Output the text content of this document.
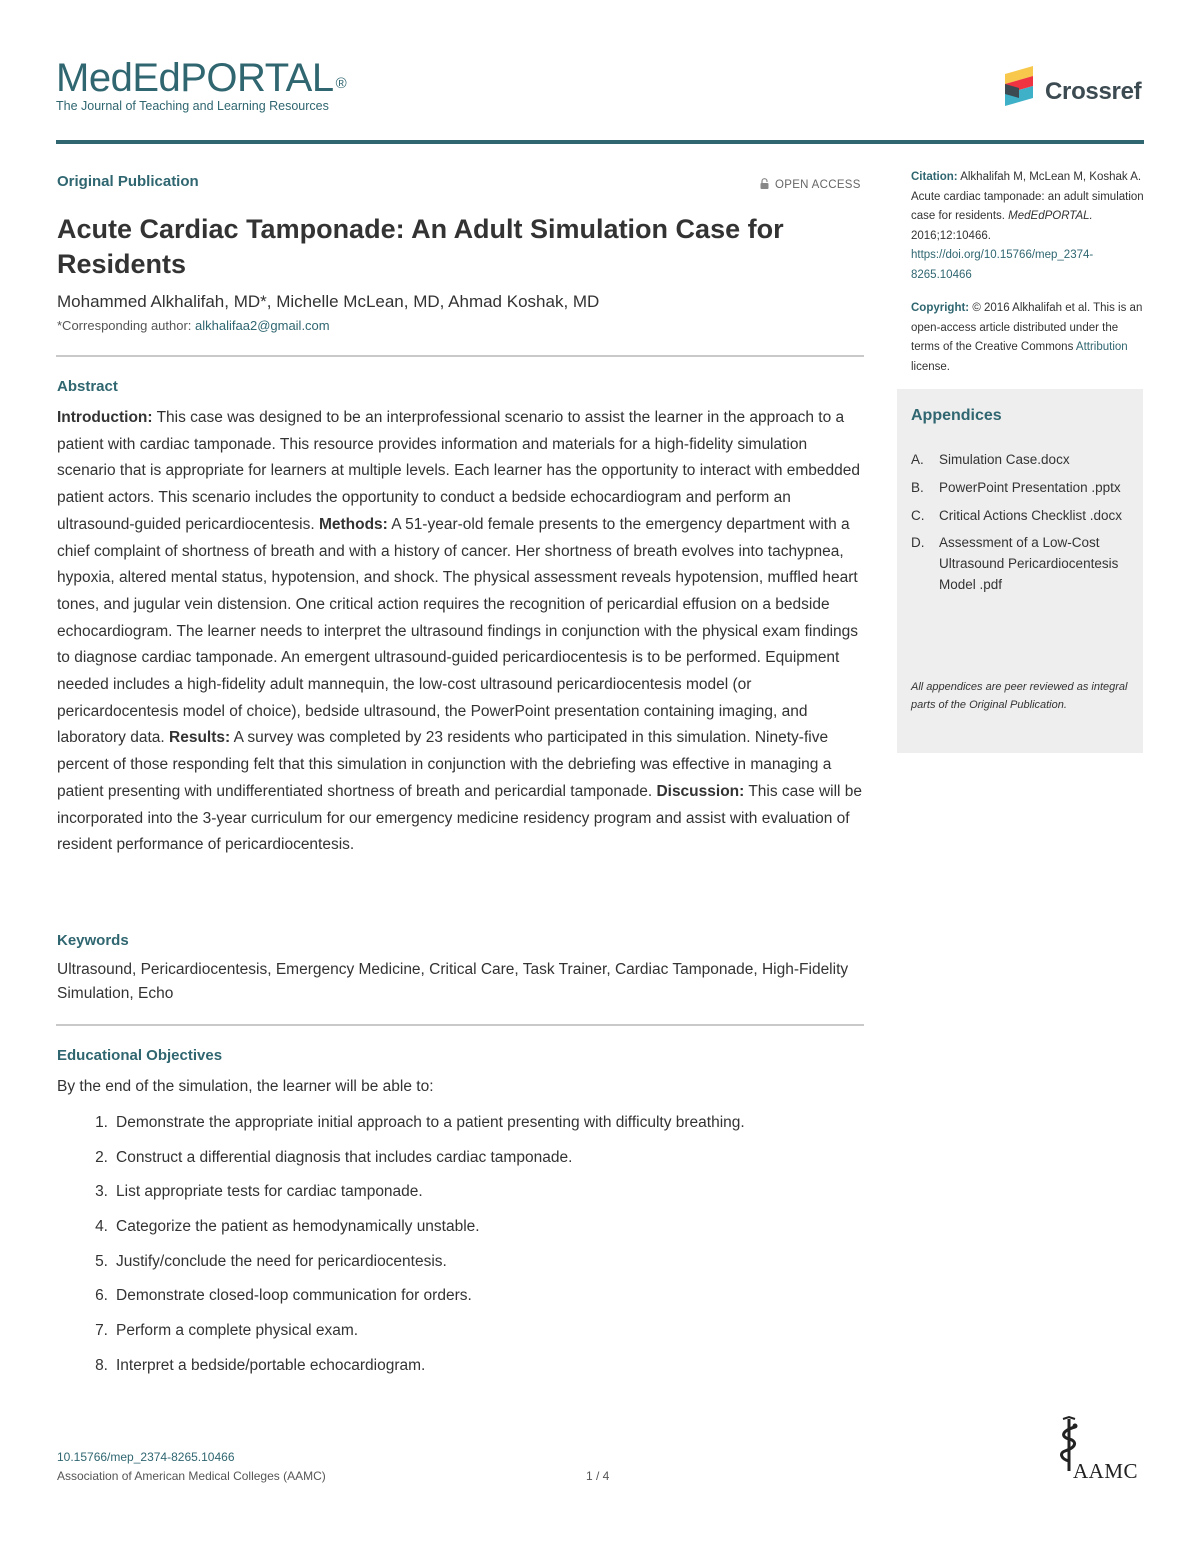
MedEdPORTAL ®
The Journal of Teaching and Learning Resources
Crossref
Original Publication	OPEN ACCESS
Acute Cardiac Tamponade: An Adult Simulation Case for Residents
Mohammed Alkhalifah, MD*, Michelle McLean, MD, Ahmad Koshak, MD
*Corresponding author: alkhalifaa2@gmail.com
Abstract

Introduction: This case was designed to be an interprofessional scenario to assist the learner in the approach to a patient with cardiac tamponade. This resource provides information and materials for a high-fidelity simulation scenario that is appropriate for learners at multiple levels. Each learner has the opportunity to interact with embedded patient actors. This scenario includes the opportunity to conduct a bedside echocardiogram and perform an ultrasound-guided pericardiocentesis. Methods: A 51-year-old female presents to the emergency department with a chief complaint of shortness of breath and with a history of cancer. Her shortness of breath evolves into tachypnea, hypoxia, altered mental status, hypotension, and shock. The physical assessment reveals hypotension, muffled heart tones, and jugular vein distension. One critical action requires the recognition of pericardial effusion on a bedside echocardiogram. The learner needs to interpret the ultrasound findings in conjunction with the physical exam findings to diagnose cardiac tamponade. An emergent ultrasound-guided pericardiocentesis is to be performed. Equipment needed includes a high-fidelity adult mannequin, the low-cost ultrasound pericardiocentesis model (or pericardocentesis model of choice), bedside ultrasound, the PowerPoint presentation containing imaging, and laboratory data. Results: A survey was completed by 23 residents who participated in this simulation. Ninety-five percent of those responding felt that this simulation in conjunction with the debriefing was effective in managing a patient presenting with undifferentiated shortness of breath and pericardial tamponade. Discussion: This case will be incorporated into the 3-year curriculum for our emergency medicine residency program and assist with evaluation of resident performance of pericardiocentesis.

Keywords

Ultrasound, Pericardiocentesis, Emergency Medicine, Critical Care, Task Trainer, Cardiac Tamponade, High-Fidelity Simulation, Echo

Educational Objectives
By the end of the simulation, the learner will be able to:
1. Demonstrate the appropriate initial approach to a patient presenting with difficulty breathing.
2. Construct a differential diagnosis that includes cardiac tamponade.
3. List appropriate tests for cardiac tamponade.
4. Categorize the patient as hemodynamically unstable.
5. Justify/conclude the need for pericardiocentesis.
6. Demonstrate closed-loop communication for orders.
7. Perform a complete physical exam.
8. Interpret a bedside/portable echocardiogram.
Citation: Alkhalifah M, McLean M, Koshak A. Acute cardiac tamponade: an adult simulation case for residents. MedEdPORTAL. 2016;12:10466. https://doi.org/10.15766/mep_2374-8265.10466
Copyright: © 2016 Alkhalifah et al. This is an open-access article distributed under the terms of the Creative Commons Attribution license.
Appendices
A. Simulation Case.docx
B. PowerPoint Presentation .pptx
C. Critical Actions Checklist .docx
D. Assessment of a Low-Cost Ultrasound Pericardiocentesis Model .pdf
All appendices are peer reviewed as integral parts of the Original Publication.
10.15766/mep_2374-8265.10466
Association of American Medical Colleges (AAMC)	1 / 4	AAMC
